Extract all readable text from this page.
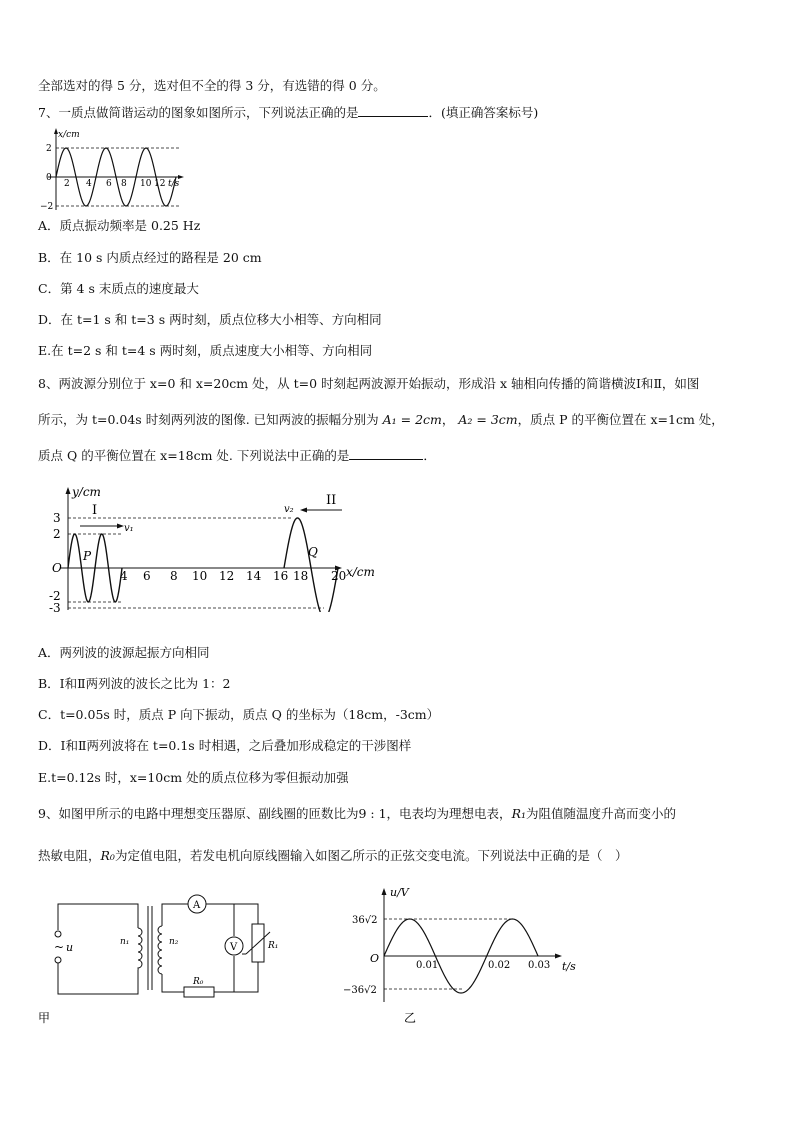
全部选对的得 5 分，选对但不全的得 3 分，有选错的得 0 分。
7、一质点做简谐运动的图象如图所示，下列说法正确的是	．(填正确答案标号)
x/cm
t/s
2
0
−2
2 4 6 8 10 12
A．质点振动频率是 0.25 Hz
B．在 10 s 内质点经过的路程是 20 cm
C．第 4 s 末质点的速度最大
D．在 t=1 s 和 t=3 s 两时刻，质点位移大小相等、方向相同
E.在 t=2 s 和 t=4 s 两时刻，质点速度大小相等、方向相同
8、两波源分别位于 x=0 和 x=20cm 处，从 t=0 时刻起两波源开始振动，形成沿 x 轴相向传播的简谐横波Ⅰ和Ⅱ，如图
所示，为 t=0.04s 时刻两列波的图像. 已知两波的振幅分别为 A₁ = 2cm， A₂ = 3cm，质点 P 的平衡位置在 x=1cm 处，
质点 Q 的平衡位置在 x=18cm 处. 下列说法中正确的是	．
y/cm
x/cm
3
2
O
-2
-3
4 6 8 10 12 14 16 18 20
I
II
v₁
v₂
P	Q
A．两列波的波源起振方向相同
B．Ⅰ和Ⅱ两列波的波长之比为 1：2
C．t=0.05s 时，质点 P 向下振动，质点 Q 的坐标为（18cm，-3cm）
D．Ⅰ和Ⅱ两列波将在 t=0.1s 时相遇，之后叠加形成稳定的干涉图样
E.t=0.12s 时，x=10cm 处的质点位移为零但振动加强
9、如图甲所示的电路中理想变压器原、副线圈的匝数比为9 : 1，电表均为理想电表，R₁为阻值随温度升高而变小的
热敏电阻，R₀为定值电阻，若发电机向原线圈输入如图乙所示的正弦交变电流。下列说法中正确的是（　）
~ u	n₁	n₂
A
V	R₁
R₀
甲
u/V
t/s
O
36√2
−36√2
0.01	0.02 0.03
乙
